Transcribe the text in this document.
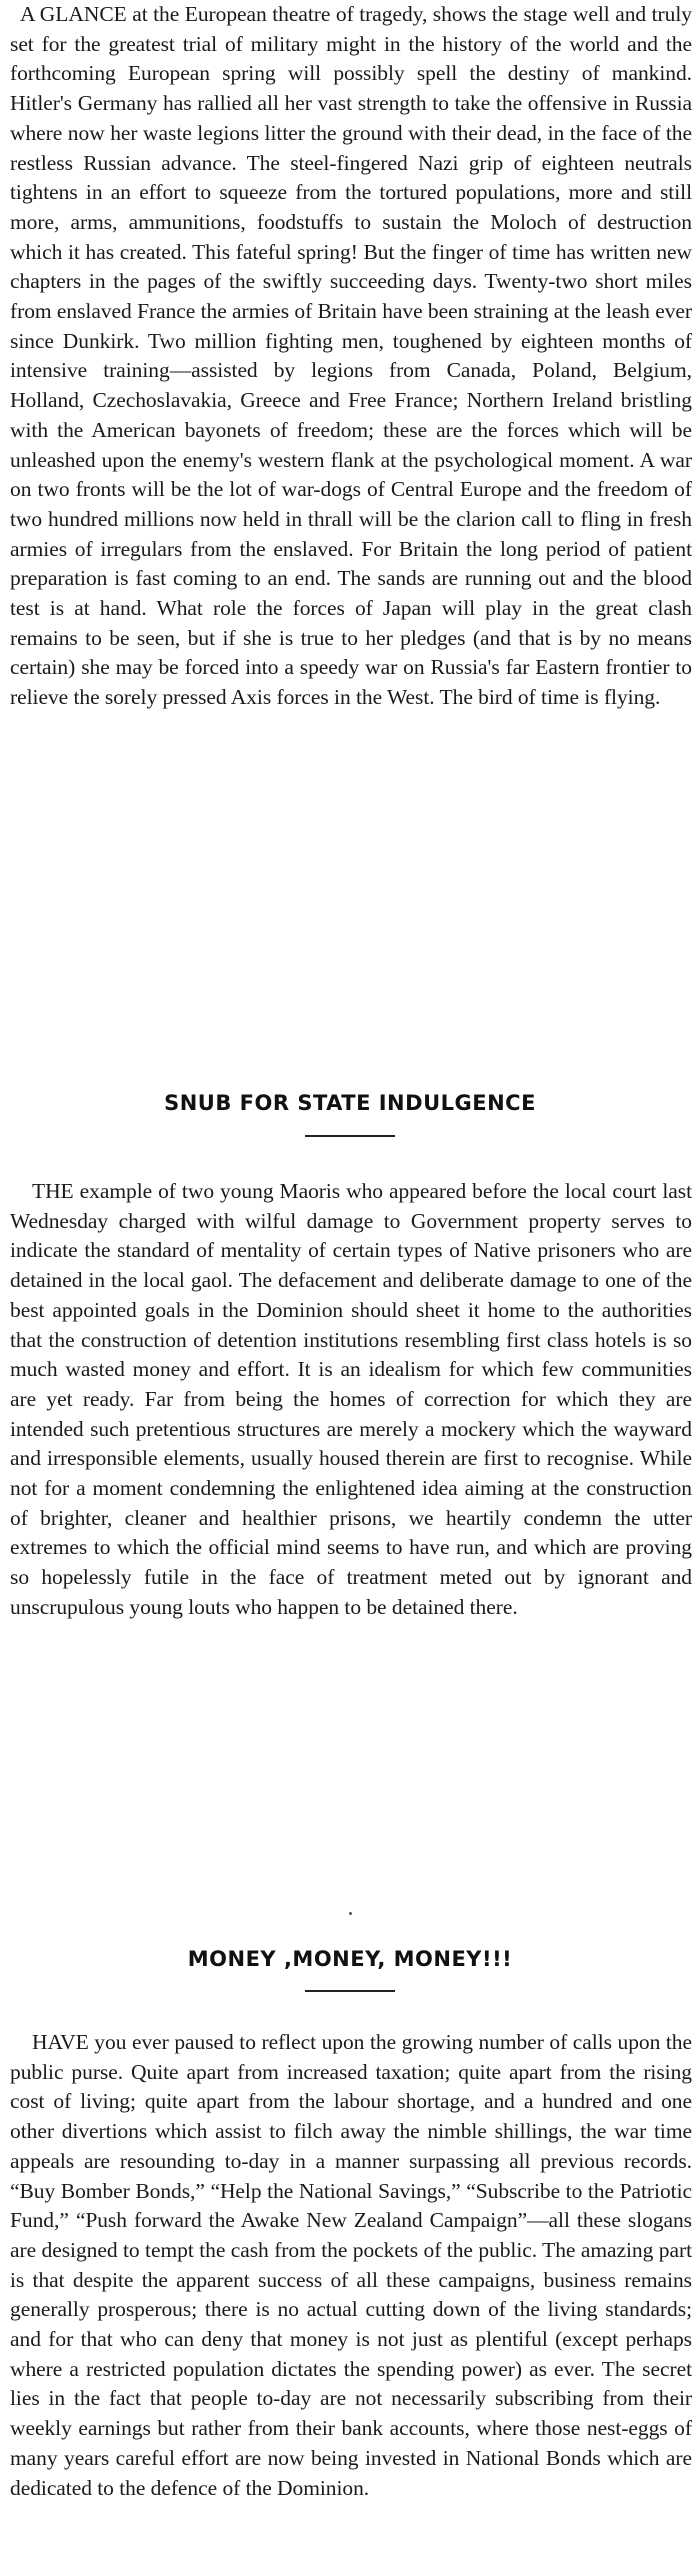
A GLANCE at the European theatre of tragedy, shows the stage well and truly set for the greatest trial of military might in the history of the world and the forthcoming European spring will possibly spell the destiny of mankind. Hitler's Germany has rallied all her vast strength to take the offensive in Russia where now her waste legions litter the ground with their dead, in the face of the restless Russian advance. The steel-fingered Nazi grip of eighteen neutrals tightens in an effort to squeeze from the tortured populations, more and still more, arms, ammunitions, foodstuffs to sustain the Moloch of destruction which it has created. This fateful spring! But the finger of time has written new chapters in the pages of the swiftly succeeding days. Twenty-two short miles from enslaved France the armies of Britain have been straining at the leash ever since Dunkirk. Two million fighting men, toughened by eighteen months of intensive training—assisted by legions from Canada, Poland, Belgium, Holland, Czechoslavakia, Greece and Free France; Northern Ireland bristling with the American bayonets of freedom; these are the forces which will be unleashed upon the enemy's western flank at the psychological moment. A war on two fronts will be the lot of war-dogs of Central Europe and the freedom of two hundred millions now held in thrall will be the clarion call to fling in fresh armies of irregulars from the enslaved. For Britain the long period of patient preparation is fast coming to an end. The sands are running out and the blood test is at hand. What role the forces of Japan will play in the great clash remains to be seen, but if she is true to her pledges (and that is by no means certain) she may be forced into a speedy war on Russia's far Eastern frontier to relieve the sorely pressed Axis forces in the West. The bird of time is flying.

SNUB FOR STATE INDULGENCE

THE example of two young Maoris who appeared before the local court last Wednesday charged with wilful damage to Government property serves to indicate the standard of mentality of certain types of Native prisoners who are detained in the local gaol. The defacement and deliberate damage to one of the best appointed goals in the Dominion should sheet it home to the authorities that the construction of detention institutions resembling first class hotels is so much wasted money and effort. It is an idealism for which few communities are yet ready. Far from being the homes of correction for which they are intended such pretentious structures are merely a mockery which the wayward and irresponsible elements, usually housed therein are first to recognise. While not for a moment condemning the enlightened idea aiming at the construction of brighter, cleaner and healthier prisons, we heartily condemn the utter extremes to which the official mind seems to have run, and which are proving so hopelessly futile in the face of treatment meted out by ignorant and unscrupulous young louts who happen to be detained there.

MONEY ,MONEY, MONEY!!!

HAVE you ever paused to reflect upon the growing number of calls upon the public purse. Quite apart from increased taxation; quite apart from the rising cost of living; quite apart from the labour shortage, and a hundred and one other divertions which assist to filch away the nimble shillings, the war time appeals are resounding to-day in a manner surpassing all previous records. “Buy Bomber Bonds,” “Help the National Savings,” “Subscribe to the Patriotic Fund,” “Push forward the Awake New Zealand Campaign”—all these slogans are designed to tempt the cash from the pockets of the public. The amazing part is that despite the apparent success of all these campaigns, business remains generally prosperous; there is no actual cutting down of the living standards; and for that who can deny that money is not just as plentiful (except perhaps where a restricted population dictates the spending power) as ever. The secret lies in the fact that people to-day are not necessarily subscribing from their weekly earnings but rather from their bank accounts, where those nest-eggs of many years careful effort are now being invested in National Bonds which are dedicated to the defence of the Dominion.
